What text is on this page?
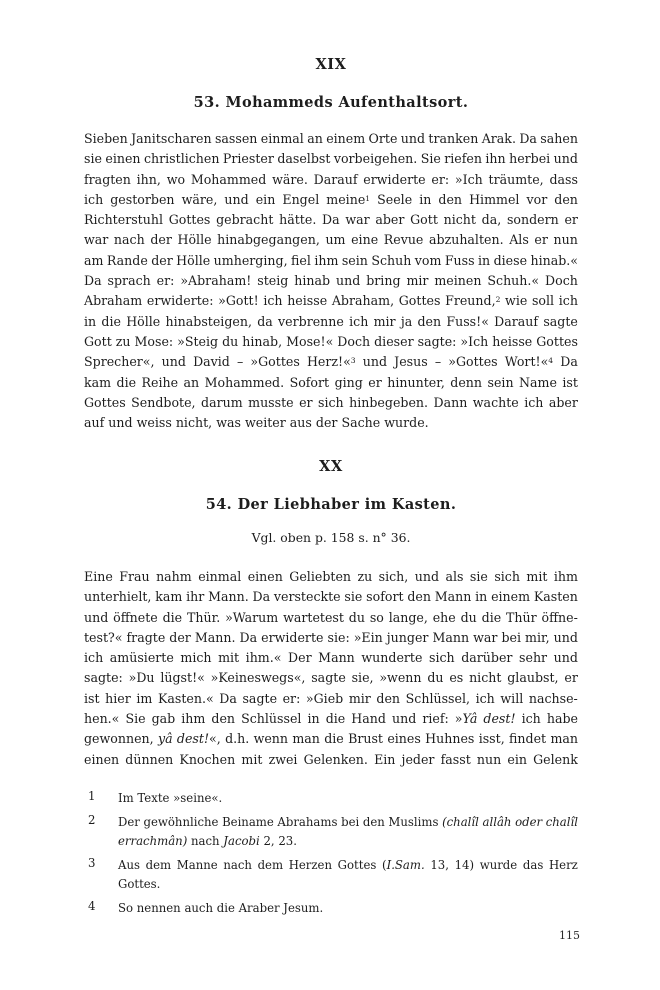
XIX
53. Mohammeds Aufenthaltsort.
Sieben Janitscharen sassen einmal an einem Orte und tranken Arak. Da sahen
sie einen christlichen Priester daselbst vorbeigehen. Sie riefen ihn herbei und
fragten ihn, wo Mohammed wäre. Darauf erwiderte er: »Ich träumte, dass
ich gestorben wäre, und ein Engel meine$^1$ Seele in den Himmel vor den
Richterstuhl Gottes gebracht hätte. Da war aber Gott nicht da, sondern er
war nach der Hölle hinabgegangen, um eine Revue abzuhalten. Als er nun
am Rande der Hölle umherging, fiel ihm sein Schuh vom Fuss in diese hinab.«
Da sprach er: »Abraham! steig hinab und bring mir meinen Schuh.« Doch
Abraham erwiderte: »Gott! ich heisse Abraham, Gottes Freund,$^2$ wie soll ich
in die Hölle hinabsteigen, da verbrenne ich mir ja den Fuss!« Darauf sagte
Gott zu Mose: »Steig du hinab, Mose!« Doch dieser sagte: »Ich heisse Gottes
Sprecher«, und David – »Gottes Herz!«$^3$ und Jesus – »Gottes Wort!«$^4$ Da
kam die Reihe an Mohammed. Sofort ging er hinunter, denn sein Name ist
Gottes Sendbote, darum musste er sich hinbegeben. Dann wachte ich aber
auf und weiss nicht, was weiter aus der Sache wurde.
XX
54. Der Liebhaber im Kasten.
Vgl. oben p. 158 s. n° 36.
Eine Frau nahm einmal einen Geliebten zu sich, und als sie sich mit ihm
unterhielt, kam ihr Mann. Da versteckte sie sofort den Mann in einem Kasten
und öffnete die Thür. »Warum wartetest du so lange, ehe du die Thür öffne-
test?« fragte der Mann. Da erwiderte sie: »Ein junger Mann war bei mir, und
ich amüsierte mich mit ihm.« Der Mann wunderte sich darüber sehr und
sagte: »Du lügst!« »Keineswegs«, sagte sie, »wenn du es nicht glaubst, er
ist hier im Kasten.« Da sagte er: »Gieb mir den Schlüssel, ich will nachse-
hen.« Sie gab ihm den Schlüssel in die Hand und rief: »Yâ dest! ich habe
gewonnen, yâ dest!«, d.h. wenn man die Brust eines Huhnes isst, findet man
einen dünnen Knochen mit zwei Gelenken. Ein jeder fasst nun ein Gelenk
1	Im Texte »seine«.
2	Der gewöhnliche Beiname Abrahams bei den Muslims (chalîl allâh oder chalîl
errachmân) nach Jacobi 2, 23.
3	Aus dem Manne nach dem Herzen Gottes (I.Sam. 13, 14) wurde das Herz
Gottes.
4	So nennen auch die Araber Jesum.
115
